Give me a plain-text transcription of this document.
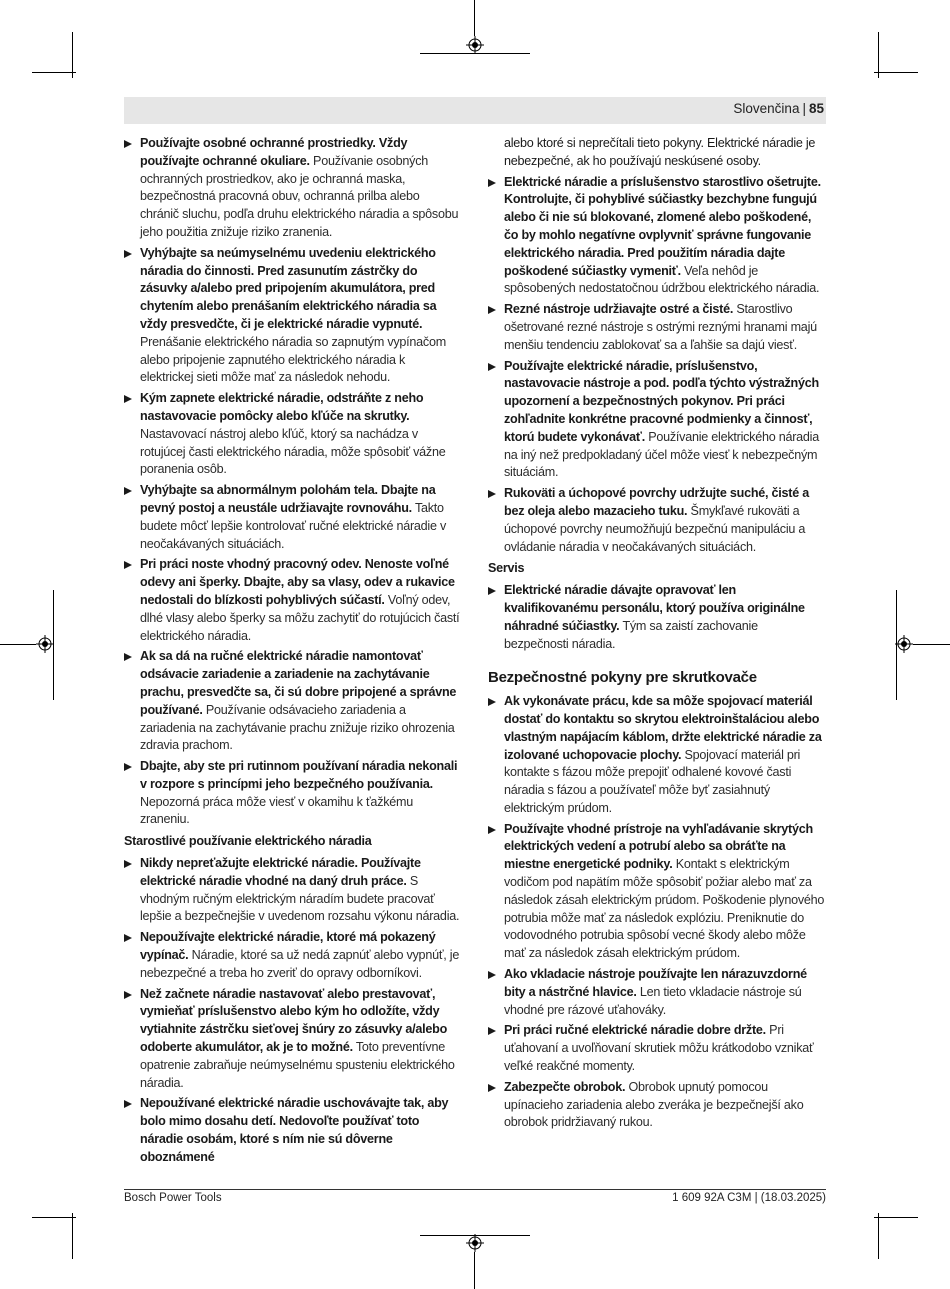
Slovenčina | 85
Používajte osobné ochranné prostriedky. Vždy používajte ochranné okuliare. Používanie osobných ochranných prostriedkov, ako je ochranná maska, bezpečnostná pracovná obuv, ochranná prilba alebo chránič sluchu, podľa druhu elektrického náradia a spôsobu jeho použitia znižuje riziko zranenia.
Vyhýbajte sa neúmyselnému uvedeniu elektrického náradia do činnosti. Pred zasunutím zástrčky do zásuvky a/alebo pred pripojením akumulátora, pred chytením alebo prenášaním elektrického náradia sa vždy presvedčte, či je elektrické náradie vypnuté. Prenášanie elektrického náradia so zapnutým vypínačom alebo pripojenie zapnutého elektrického náradia k elektrickej sieti môže mať za následok nehodu.
Kým zapnete elektrické náradie, odstráňte z neho nastavovacie pomôcky alebo kľúče na skrutky. Nastavovací nástroj alebo kľúč, ktorý sa nachádza v rotujúcej časti elektrického náradia, môže spôsobiť vážne poranenia osôb.
Vyhýbajte sa abnormálnym polohám tela. Dbajte na pevný postoj a neustále udržiavajte rovnováhu. Takto budete môcť lepšie kontrolovať ručné elektrické náradie v neočakávaných situáciách.
Pri práci noste vhodný pracovný odev. Nenoste voľné odevy ani šperky. Dbajte, aby sa vlasy, odev a rukavice nedostali do blízkosti pohyblivých súčastí. Voľný odev, dlhé vlasy alebo šperky sa môžu zachytiť do rotujúcich častí elektrického náradia.
Ak sa dá na ručné elektrické náradie namontovať odsávacie zariadenie a zariadenie na zachytávanie prachu, presvedčte sa, či sú dobre pripojené a správne používané. Používanie odsávacieho zariadenia a zariadenia na zachytávanie prachu znižuje riziko ohrozenia zdravia prachom.
Dbajte, aby ste pri rutinnom používaní náradia nekonali v rozpore s princípmi jeho bezpečného používania. Nepozorná práca môže viesť v okamihu k ťažkému zraneniu.
Starostlivé používanie elektrického náradia
Nikdy nepreťažujte elektrické náradie. Používajte elektrické náradie vhodné na daný druh práce. S vhodným ručným elektrickým náradím budete pracovať lepšie a bezpečnejšie v uvedenom rozsahu výkonu náradia.
Nepoužívajte elektrické náradie, ktoré má pokazený vypínač. Náradie, ktoré sa už nedá zapnúť alebo vypnúť, je nebezpečné a treba ho zveriť do opravy odborníkovi.
Než začnete náradie nastavovať alebo prestavovať, vymieňať príslušenstvo alebo kým ho odložíte, vždy vytiahnite zástrčku sieťovej šnúry zo zásuvky a/alebo odoberte akumulátor, ak je to možné. Toto preventívne opatrenie zabraňuje neúmyselnému spusteniu elektrického náradia.
Nepoužívané elektrické náradie uschovávajte tak, aby bolo mimo dosahu detí. Nedovoľte používať toto náradie osobám, ktoré s ním nie sú dôverne oboznámené
alebo ktoré si neprečítali tieto pokyny. Elektrické náradie je nebezpečné, ak ho používajú neskúsené osoby.
Elektrické náradie a príslušenstvo starostlivo ošetrujte. Kontrolujte, či pohyblivé súčiastky bezchybne fungujú alebo či nie sú blokované, zlomené alebo poškodené, čo by mohlo negatívne ovplyvniť správne fungovanie elektrického náradia. Pred použitím náradia dajte poškodené súčiastky vymeniť. Veľa nehôd je spôsobených nedostatočnou údržbou elektrického náradia.
Rezné nástroje udržiavajte ostré a čisté. Starostlivo ošetrované rezné nástroje s ostrými reznými hranami majú menšiu tendenciu zablokovať sa a ľahšie sa dajú viesť.
Používajte elektrické náradie, príslušenstvo, nastavovacie nástroje a pod. podľa týchto výstražných upozornení a bezpečnostných pokynov. Pri práci zohľadnite konkrétne pracovné podmienky a činnosť, ktorú budete vykonávať. Používanie elektrického náradia na iný než predpokladaný účel môže viesť k nebezpečným situáciám.
Rukoväti a úchopové povrchy udržujte suché, čisté a bez oleja alebo mazacieho tuku. Šmykľavé rukoväti a úchopové povrchy neumožňujú bezpečnú manipuláciu a ovládanie náradia v neočakávaných situáciách.
Servis
Elektrické náradie dávajte opravovať len kvalifikovanému personálu, ktorý používa originálne náhradné súčiastky. Tým sa zaistí zachovanie bezpečnosti náradia.
Bezpečnostné pokyny pre skrutkovače
Ak vykonávate prácu, kde sa môže spojovací materiál dostať do kontaktu so skrytou elektroinštaláciou alebo vlastným napájacím káblom, držte elektrické náradie za izolované uchopovacie plochy. Spojovací materiál pri kontakte s fázou môže prepojiť odhalené kovové časti náradia s fázou a používateľ môže byť zasiahnutý elektrickým prúdom.
Používajte vhodné prístroje na vyhľadávanie skrytých elektrických vedení a potrubí alebo sa obráťte na miestne energetické podniky. Kontakt s elektrickým vodičom pod napätím môže spôsobiť požiar alebo mať za následok zásah elektrickým prúdom. Poškodenie plynového potrubia môže mať za následok explóziu. Preniknutie do vodovodného potrubia spôsobí vecné škody alebo môže mať za následok zásah elektrickým prúdom.
Ako vkladacie nástroje používajte len nárazuvzdorné bity a nástrčné hlavice. Len tieto vkladacie nástroje sú vhodné pre rázové uťahováky.
Pri práci ručné elektrické náradie dobre držte. Pri uťahovaní a uvoľňovaní skrutiek môžu krátkodobo vznikať veľké reakčné momenty.
Zabezpečte obrobok. Obrobok upnutý pomocou upínacieho zariadenia alebo zveráka je bezpečnejší ako obrobok pridržiavaný rukou.
Bosch Power Tools	1 609 92A C3M | (18.03.2025)
